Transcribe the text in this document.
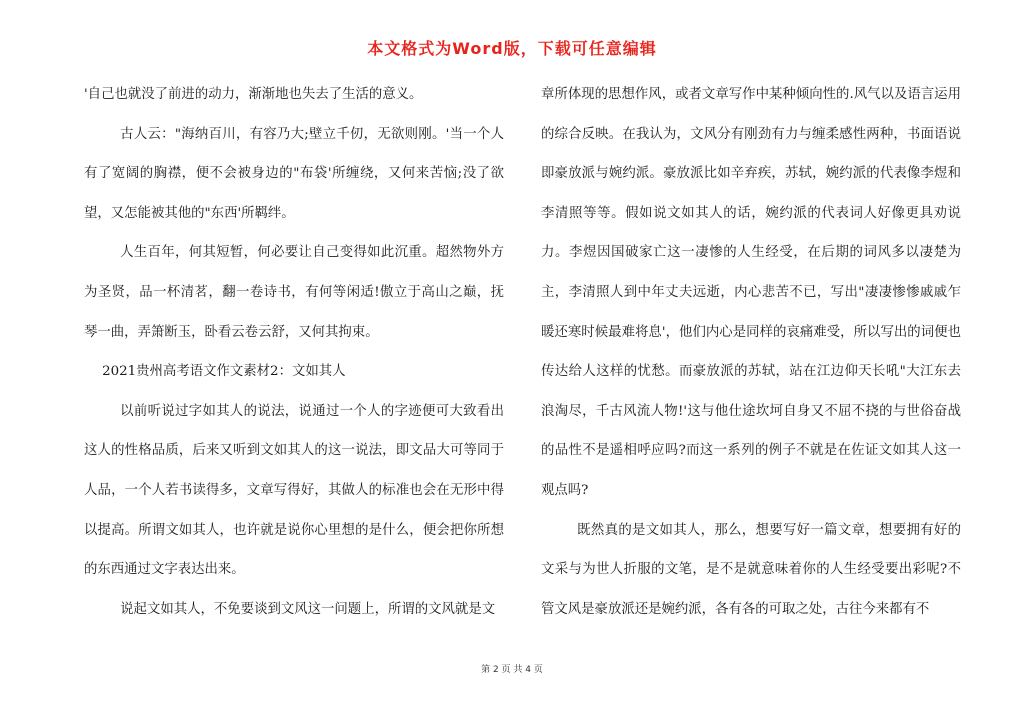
本文格式为Word版，下载可任意编辑

'自己也就没了前进的动力，渐渐地也失去了生活的意义。

古人云："海纳百川，有容乃大;壁立千仞，无欲则刚。'当一个人有了宽阔的胸襟，便不会被身边的"布袋'所缠绕，又何来苦恼;没了欲望，又怎能被其他的"东西'所羁绊。

人生百年，何其短暂，何必要让自己变得如此沉重。超然物外方为圣贤，品一杯清茗，翻一卷诗书，有何等闲适!傲立于高山之巅，抚琴一曲，弄箫断玉，卧看云卷云舒，又何其拘束。

2021贵州高考语文作文素材2：文如其人

以前听说过字如其人的说法，说通过一个人的字迹便可大致看出这人的性格品质，后来又听到文如其人的这一说法，即文品大可等同于人品，一个人若书读得多，文章写得好，其做人的标准也会在无形中得以提高。所谓文如其人，也许就是说你心里想的是什么，便会把你所想的东西通过文字表达出来。

说起文如其人，不免要谈到文风这一问题上，所谓的文风就是文

章所体现的思想作风，或者文章写作中某种倾向性的.风气以及语言运用的综合反映。在我认为，文风分有刚劲有力与缠柔感性两种，书面语说即豪放派与婉约派。豪放派比如辛弃疾，苏轼，婉约派的代表像李煜和李清照等等。假如说文如其人的话，婉约派的代表词人好像更具劝说力。李煜因国破家亡这一凄惨的人生经受，在后期的词风多以凄楚为主，李清照人到中年丈夫远逝，内心悲苦不已，写出"凄凄惨惨戚戚乍暖还寒时候最难将息'，他们内心是同样的哀痛难受，所以写出的词便也传达给人这样的忧愁。而豪放派的苏轼，站在江边仰天长吼"大江东去浪淘尽，千古风流人物!'这与他仕途坎坷自身又不屈不挠的与世俗奋战的品性不是遥相呼应吗?而这一系列的例子不就是在佐证文如其人这一观点吗?

既然真的是文如其人，那么，想要写好一篇文章，想要拥有好的文采与为世人折服的文笔，是不是就意味着你的人生经受要出彩呢?不管文风是豪放派还是婉约派，各有各的可取之处，古往今来都有不

第 2 页 共 4 页
